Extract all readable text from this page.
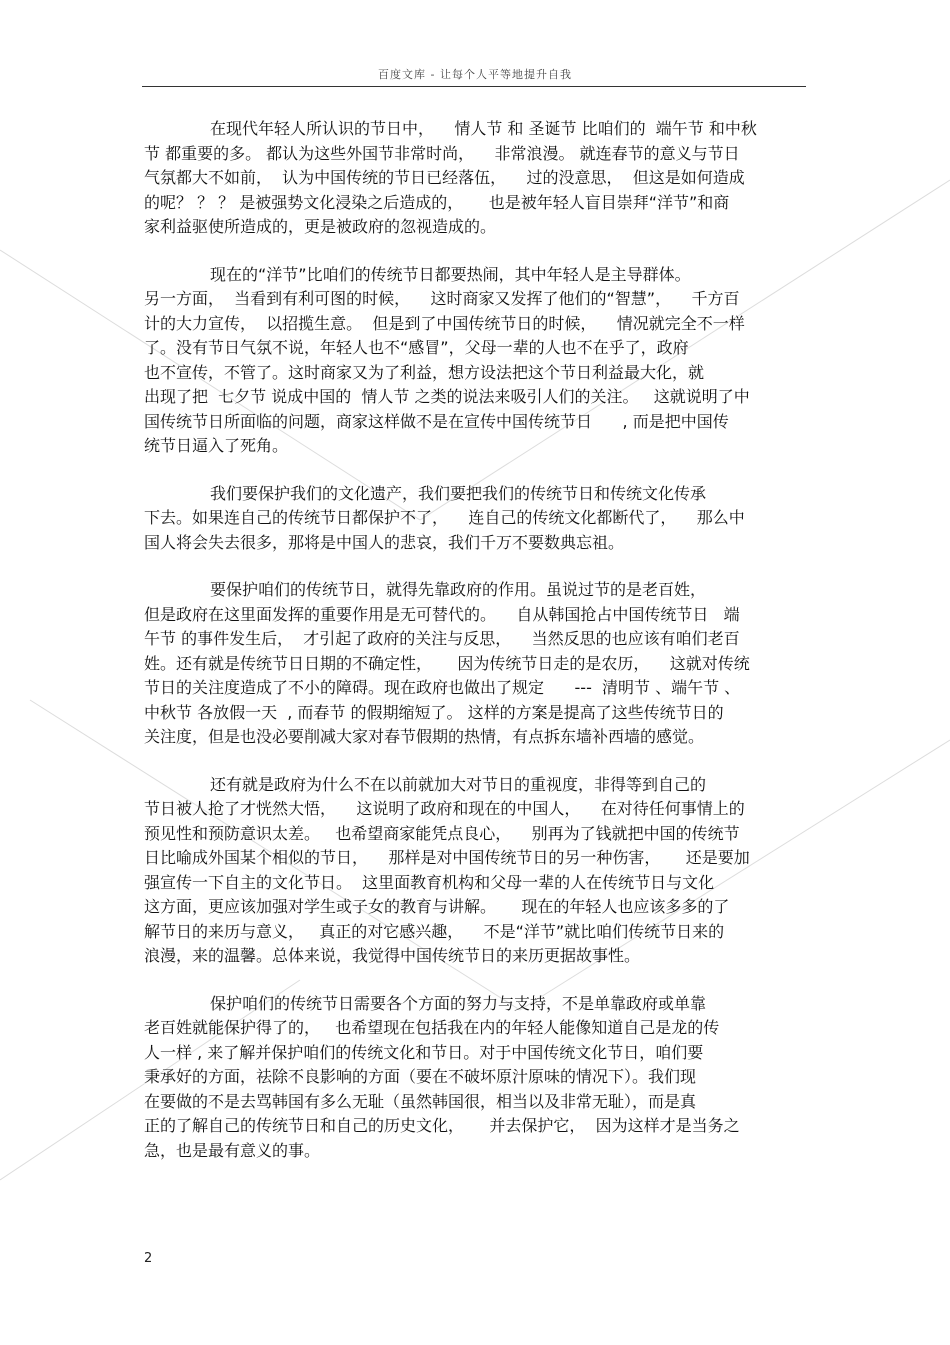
百度文库 - 让每个人平等地提升自我
在现代年轻人所认识的节日中，    情人节 和 圣诞节 比咱们的  端午节 和中秋
节 都重要的多。 都认为这些外国节非常时尚，    非常浪漫。 就连春节的意义与节日
气氛都大不如前，  认为中国传统的节日已经落伍，    过的没意思，  但这是如何造成
的呢？ ？ ？ 是被强势文化浸染之后造成的，     也是被年轻人盲目崇拜“洋节”和商
家利益驱使所造成的，更是被政府的忽视造成的。
现在的“洋节”比咱们的传统节日都要热闹，其中年轻人是主导群体。
另一方面，  当看到有利可图的时候，    这时商家又发挥了他们的“智慧”，    千方百
计的大力宣传，  以招揽生意。  但是到了中国传统节日的时候，    情况就完全不一样
了。没有节日气氛不说，年轻人也不“感冒”，父母一辈的人也不在乎了，政府
也不宣传，不管了。这时商家又为了利益，想方设法把这个节日利益最大化，就
出现了把  七夕节 说成中国的  情人节 之类的说法来吸引人们的关注。   这就说明了中
国传统节日所面临的问题，商家这样做不是在宣传中国传统节日      , 而是把中国传
统节日逼入了死角。
我们要保护我们的文化遗产，我们要把我们的传统节日和传统文化传承
下去。如果连自己的传统节日都保护不了，    连自己的传统文化都断代了，    那么中
国人将会失去很多，那将是中国人的悲哀，我们千万不要数典忘祖。
要保护咱们的传统节日，就得先靠政府的作用。虽说过节的是老百姓，
但是政府在这里面发挥的重要作用是无可替代的。    自从韩国抢占中国传统节日   端
午节 的事件发生后，  才引起了政府的关注与反思，    当然反思的也应该有咱们老百
姓。还有就是传统节日日期的不确定性，     因为传统节日走的是农历，    这就对传统
节日的关注度造成了不小的障碍。现在政府也做出了规定      ---  清明节 、端午节 、
中秋节 各放假一天  , 而春节 的假期缩短了。 这样的方案是提高了这些传统节日的
关注度，但是也没必要削减大家对春节假期的热情，有点拆东墙补西墙的感觉。
还有就是政府为什么不在以前就加大对节日的重视度，非得等到自己的
节日被人抢了才恍然大悟，    这说明了政府和现在的中国人，    在对待任何事情上的
预见性和预防意识太差。   也希望商家能凭点良心，    别再为了钱就把中国的传统节
日比喻成外国某个相似的节日，    那样是对中国传统节日的另一种伤害，     还是要加
强宣传一下自主的文化节日。  这里面教育机构和父母一辈的人在传统节日与文化
这方面，更应该加强对学生或子女的教育与讲解。     现在的年轻人也应该多多的了
解节日的来历与意义，   真正的对它感兴趣，    不是“洋节”就比咱们传统节日来的
浪漫，来的温馨。总体来说，我觉得中国传统节日的来历更据故事性。
保护咱们的传统节日需要各个方面的努力与支持，不是单靠政府或单靠
老百姓就能保护得了的，   也希望现在包括我在内的年轻人能像知道自己是龙的传
人一样 , 来了解并保护咱们的传统文化和节日。对于中国传统文化节日，咱们要
秉承好的方面，祛除不良影响的方面（要在不破坏原汁原味的情况下）。我们现
在要做的不是去骂韩国有多么无耻（虽然韩国很，相当以及非常无耻），而是真
正的了解自己的传统节日和自己的历史文化，     并去保护它，  因为这样才是当务之
急，也是最有意义的事。
2
